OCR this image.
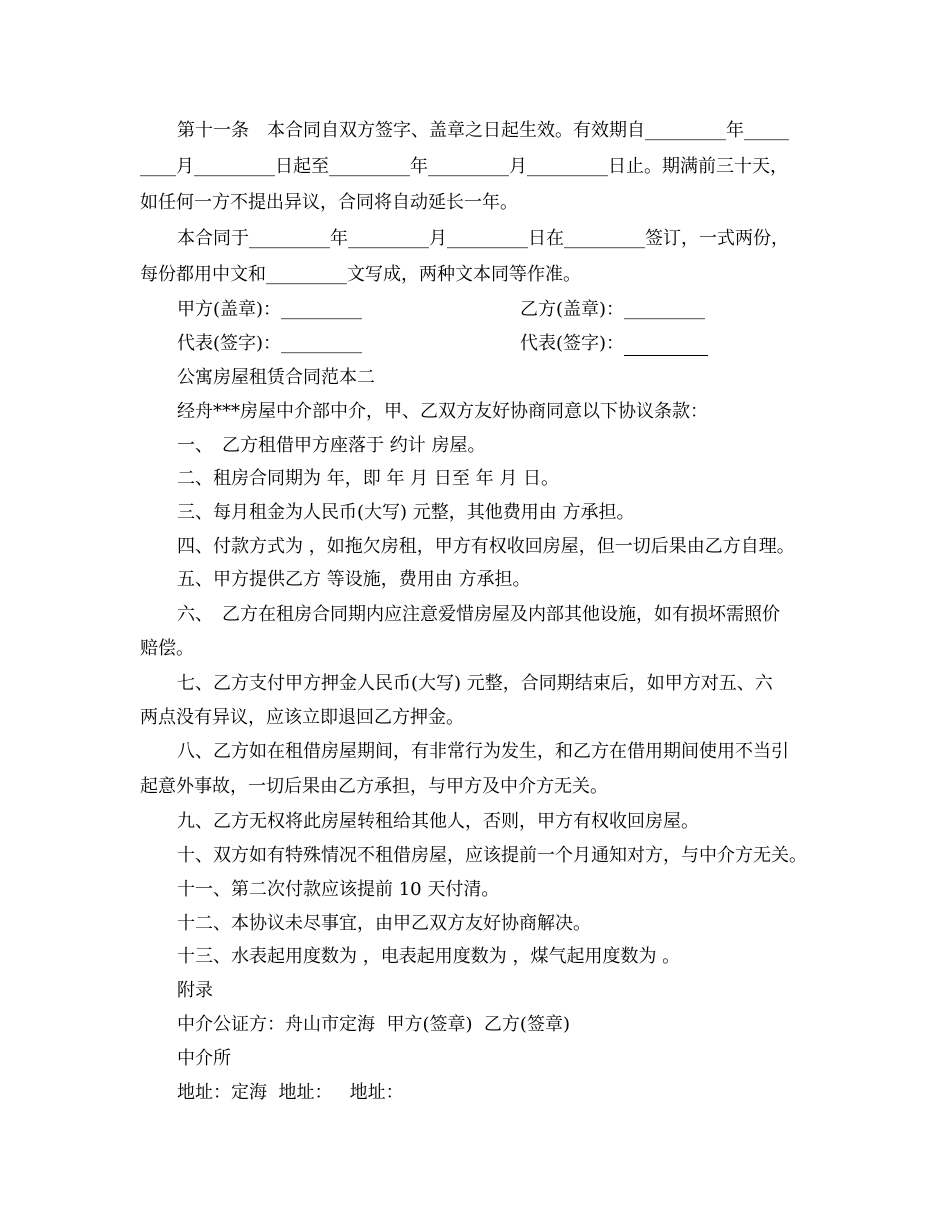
第十一条　本合同自双方签字、盖章之日起生效。有效期自_________年_____
____月_________日起至_________年_________月_________日止。期满前三十天，
如任何一方不提出异议，合同将自动延长一年。
本合同于_________年_________月_________日在_________签订，一式两份，
每份都用中文和_________文写成，两种文本同等作准。
甲方(盖章)：_________	乙方(盖章)：_________
代表(签字)：_________	代表(签字)：
公寓房屋租赁合同范本二
经舟***房屋中介部中介，甲、乙双方友好协商同意以下协议条款：
一、　乙方租借甲方座落于 约计 房屋。
二、租房合同期为 年，即 年 月 日至 年 月 日。
三、每月租金为人民币(大写) 元整，其他费用由 方承担。
四、付款方式为 ，如拖欠房租，甲方有权收回房屋，但一切后果由乙方自理。
五、甲方提供乙方 等设施，费用由 方承担。
六、　乙方在租房合同期内应注意爱惜房屋及内部其他设施，如有损坏需照价
赔偿。
七、乙方支付甲方押金人民币(大写) 元整，合同期结束后，如甲方对五、六
两点没有异议，应该立即退回乙方押金。
八、乙方如在租借房屋期间，有非常行为发生，和乙方在借用期间使用不当引
起意外事故，一切后果由乙方承担，与甲方及中介方无关。
九、乙方无权将此房屋转租给其他人，否则，甲方有权收回房屋。
十、双方如有特殊情况不租借房屋，应该提前一个月通知对方，与中介方无关。
十一、第二次付款应该提前 10 天付清。
十二、本协议未尽事宜，由甲乙双方友好协商解决。
十三、水表起用度数为 ，电表起用度数为 ，煤气起用度数为 。
附录
中介公证方：舟山市定海  甲方(签章)  乙方(签章)
中介所
地址：定海  地址：   地址：
